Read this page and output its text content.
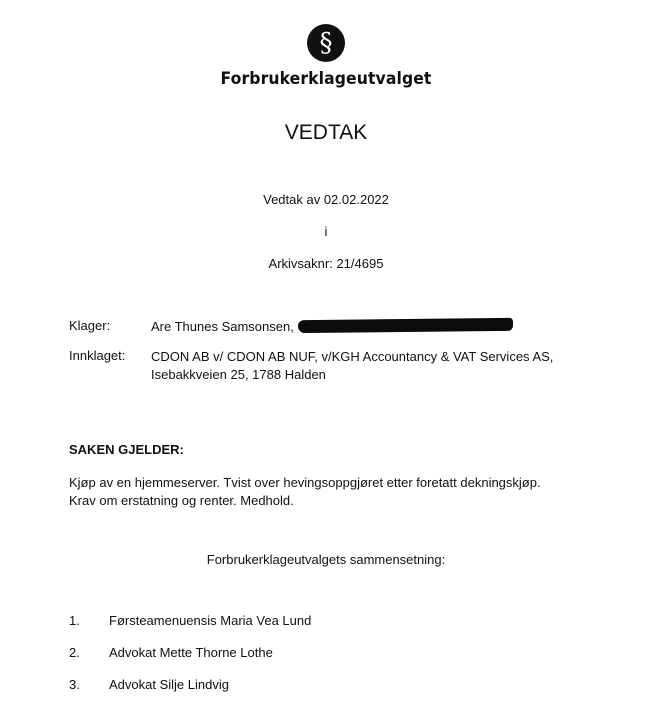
§
Forbrukerklageutvalget
VEDTAK
Vedtak av 02.02.2022
i
Arkivsaknr: 21/4695
Klager:	Are Thunes Samsonsen,
Innklaget: CDON AB v/ CDON AB NUF, v/KGH Accountancy & VAT Services AS,
Isebakkveien 25, 1788 Halden
SAKEN GJELDER:
Kjøp av en hjemmeserver. Tvist over hevingsoppgjøret etter foretatt dekningskjøp.
Krav om erstatning og renter. Medhold.
Forbrukerklageutvalgets sammensetning:
1. Førsteamenuensis Maria Vea Lund
2. Advokat Mette Thorne Lothe
3. Advokat Silje Lindvig
